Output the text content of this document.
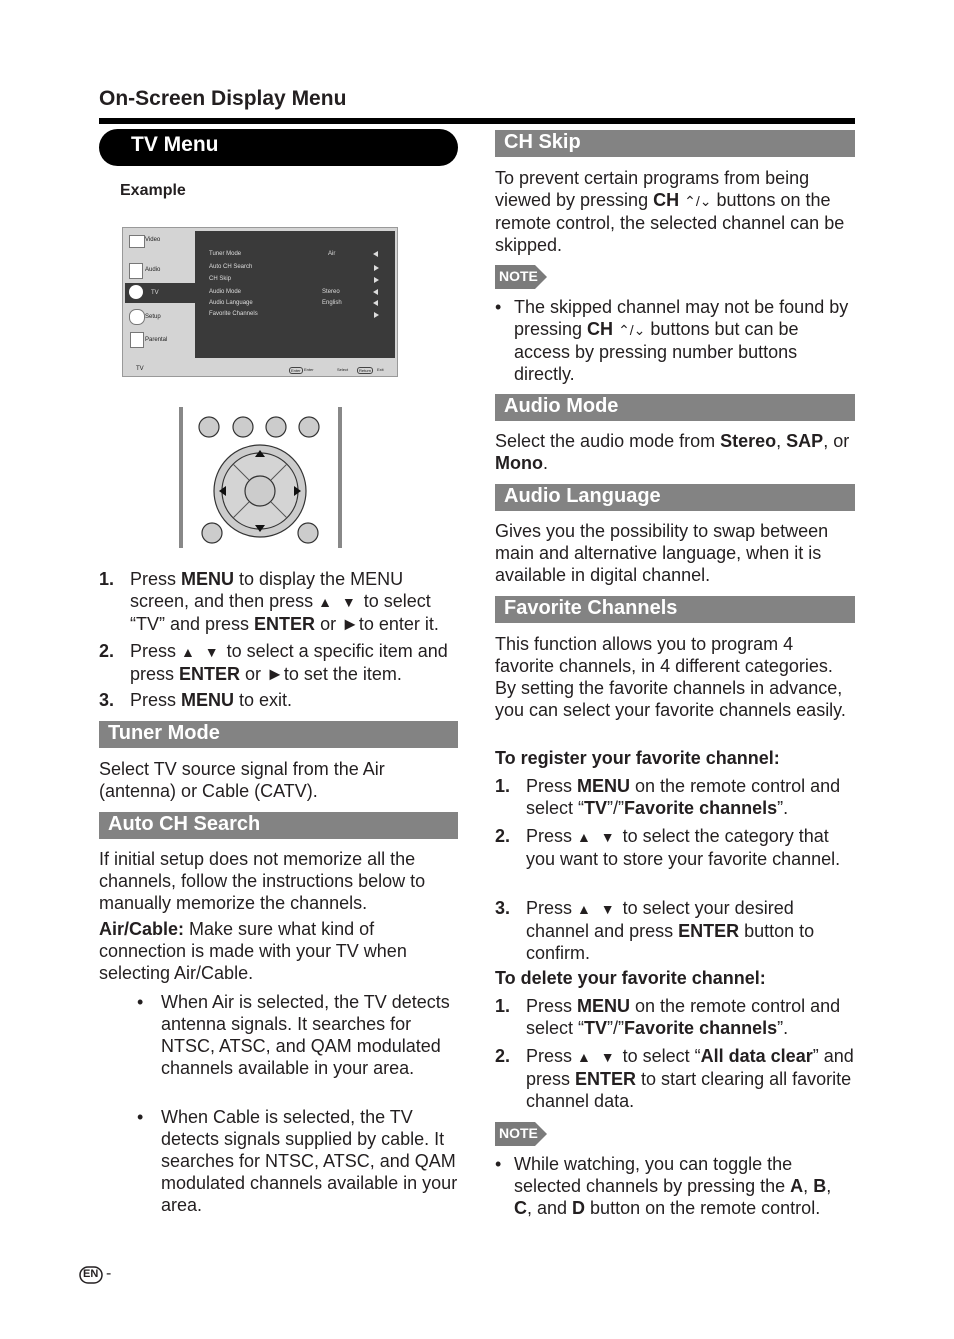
On-Screen Display Menu
TV Menu
Example
Video
Audio
TV
Setup
Parental
Tuner Mode	Air
Auto CH Search
CH Skip
Audio Mode	Stereo
Audio Language	English
Favorite Channels
TV	Enter Enter	Select	Return	Exit
1. Press MENU to display the MENU screen, and then press ▲ ▼ to select “TV” and press ENTER or ►to enter it.
2. Press ▲ ▼ to select a specific item and press ENTER or ►to set the item.
3. Press MENU to exit.
Tuner Mode

Select TV source signal from the Air (antenna) or Cable (CATV).

Auto CH Search

If initial setup does not memorize all the channels, follow the instructions below to manually memorize the channels.

Air/Cable: Make sure what kind of connection is made with your TV when selecting Air/Cable.

• When Air is selected, the TV detects antenna signals. It searches for NTSC, ATSC, and QAM modulated channels available in your area.
• When Cable is selected, the TV detects signals supplied by cable. It searches for NTSC, ATSC, and QAM modulated channels available in your area.
CH Skip

To prevent certain programs from being viewed by pressing CH ⌃/⌄ buttons on the remote control, the selected channel can be skipped.

NOTE
• The skipped channel may not be found by pressing CH ⌃/⌄ buttons but can be access by pressing number buttons directly.
Audio Mode

Select the audio mode from Stereo, SAP, or Mono.

Audio Language

Gives you the possibility to swap between main and alternative language, when it is available in digital channel.

Favorite Channels

This function allows you to program 4 favorite channels, in 4 different categories. By setting the favorite channels in advance, you can select your favorite channels easily.

To register your favorite channel:
1. Press MENU on the remote control and select “TV”/”Favorite channels”.
2. Press ▲ ▼ to select the category that you want to store your favorite channel.
3. Press ▲ ▼ to select your desired channel and press ENTER button to confirm.
To delete your favorite channel:
1. Press MENU on the remote control and select “TV”/”Favorite channels”.
2. Press ▲ ▼ to select “All data clear” and press ENTER to start clearing all favorite channel data.
NOTE
• While watching, you can toggle the selected channels by pressing the A, B, C, and D button on the remote control.
EN -
